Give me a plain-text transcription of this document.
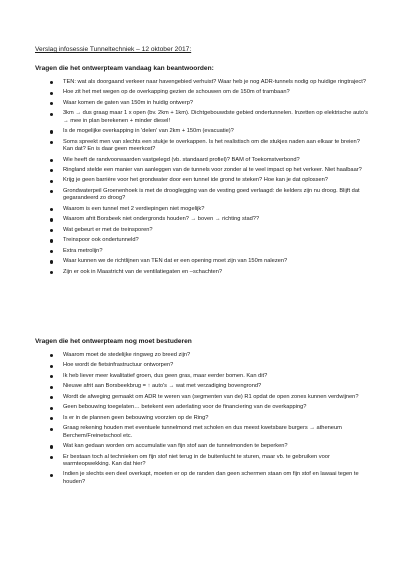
Verslag infosessie Tunneltechniek – 12 oktober 2017:
Vragen die het ontwerpteam vandaag kan beantwoorden:
TEN: wat als doorgaand verkeer naar havengebied verhuist? Waar heb je nog ADR-tunnels nodig op huidige ringtraject?
Hoe zit het met wegen op de overkapping gezien de schouwen om de 150m of trambaan?
Waar komen de gaten van 150m in huidig ontwerp?
3km → dus graag maar 1 x open (bv. 2km + 1km). Dichtgebouwdste gebied ondertunnelen. Inzetten op elektrische auto's → mee in plan berekenen + minder diesel!
Is de mogelijke overkapping in 'delen' van 2km + 150m (evacuatie)?
Soms spreekt men van slechts een stukje te overkappen. Is het realistisch om die stukjes naden aan elkaar te breien? Kan dat? En is daar geen meerkost?
Wie heeft de randvoorwaarden vastgelegd (vb. standaard profiel)? BAM of Toekomstverbond?
Ringland stelde een manier van aanleggen van de tunnels voor zonder al te veel impact op het verkeer. Niet haalbaar?
Krijg je geen barrière voor het grondwater door een tunnel ide grond te steken? Hoe kan je dat oplossen?
Grondwaterpeil Groenenhoek is met de drooglegging van de vesting goed verlaagd: de kelders zijn nu droog. Blijft dat gegarandeerd zo droog?
Waarom is een tunnel met 2 verdiepingen niet mogelijk?
Waarom afrit Borsbeek niet ondergronds houden? → boven → richting stad??
Wat gebeurt er met de treinsporen?
Treinspoor ook ondertunneld?
Extra metrolijn?
Waar kunnen we de richtlijnen van TEN dat er een opening moet zijn van 150m nalezen?
Zijn er ook in Maastricht van de ventilatiegaten en –schachten?
Vragen die het ontwerpteam nog moet bestuderen
Waarom moet de stedelijke ringweg zo breed zijn?
Hoe wordt de fietsinfrastructuur ontworpen?
Ik heb liever meer kwalitatief groen, dus geen gras, maar eerder bomen. Kan dit?
Nieuwe afrit aan Borsbeekbrug = ↑ auto's → wat met verzadiging bovengrond?
Wordt de afweging gemaakt om ADR te weren van (segmenten van de) R1 opdat de open zones kunnen verdwijnen?
Geen bebouwing toegelaten… betekent een aderlating voor de financiering van de overkapping?
Is er in de plannen geen bebouwing voorzien op de Ring?
Graag rekening houden met eventuele tunnelmond met scholen en dus meest kwetsbare burgers → atheneum Berchem/Freinetschool etc.
Wat kan gedaan worden om accumulatie van fijn stof aan de tunnelmonden te beperken?
Er bestaan toch al technieken om fijn stof niet terug in de buitenlucht te sturen, maar vb. te gebruiken voor warmteopwekking. Kan dat hier?
Indien je slechts een deel overkapt, moeten er op de randen dan geen schermen staan om fijn stof en lawaai tegen te houden?
